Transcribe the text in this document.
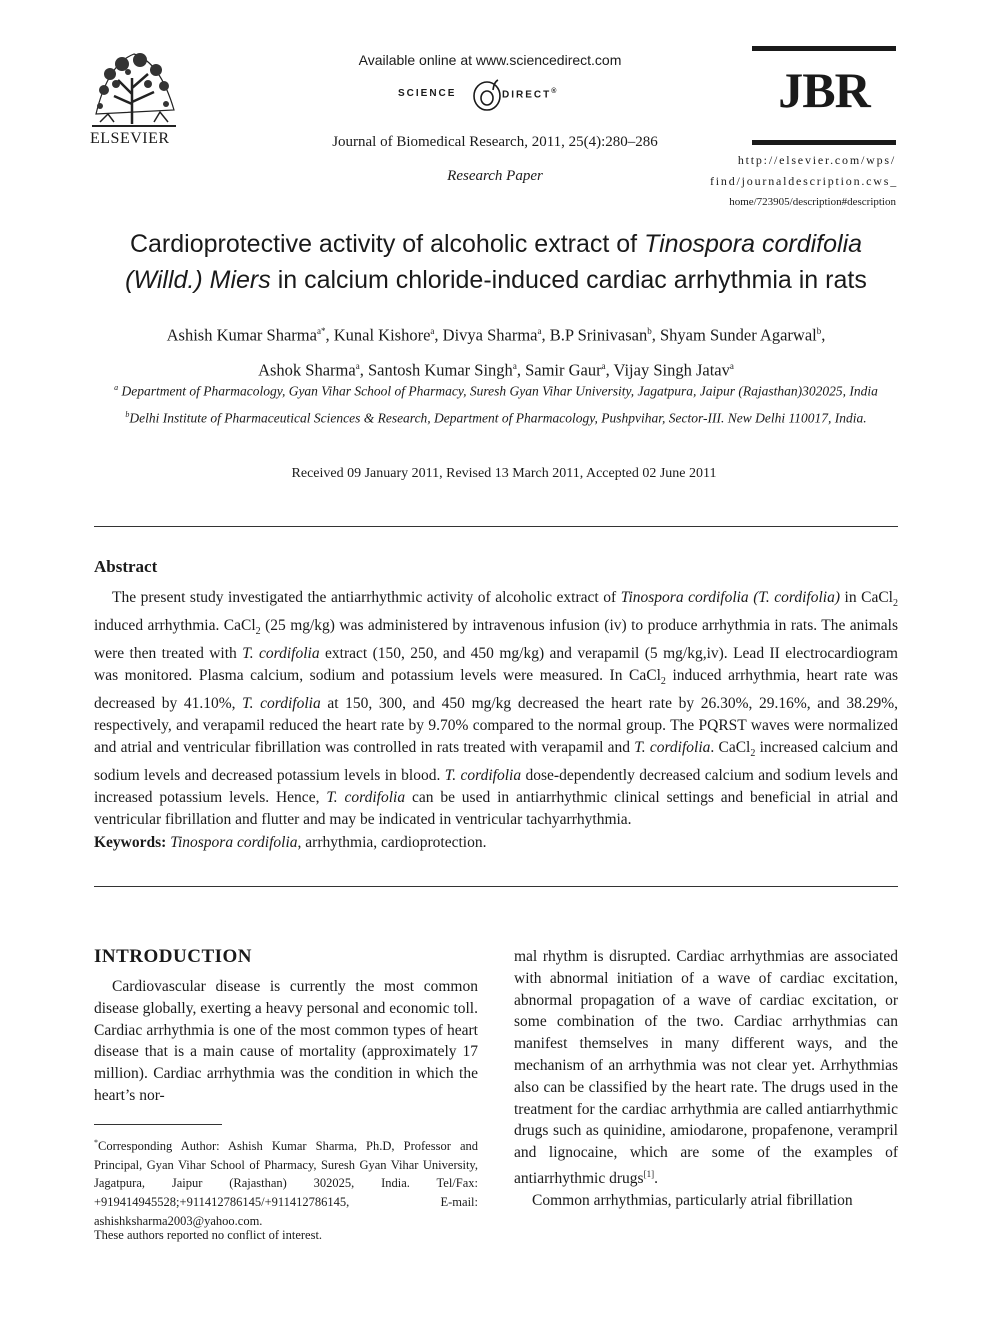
ELSEVIER
Available online at www.sciencedirect.com
SCIENCE	DIRECT®
Journal of Biomedical Research, 2011, 25(4):280–286
Research Paper
JBR
http://elsevier.com/wps/
find/journaldescription.cws_
home/723905/description#description
Cardioprotective activity of alcoholic extract of Tinospora cordifolia
(Willd.) Miers in calcium chloride-induced cardiac arrhythmia in rats
Ashish Kumar Sharma$^{a*}$, Kunal Kishore$^a$, Divya Sharma$^a$, B.P Srinivasan$^b$, Shyam Sunder Agarwal$^b$,
Ashok Sharma$^a$, Santosh Kumar Singh$^a$, Samir Gaur$^a$, Vijay Singh Jatav$^a$
$^a$ Department of Pharmacology, Gyan Vihar School of Pharmacy, Suresh Gyan Vihar University, Jagatpura, Jaipur (Rajasthan)302025, India
$^b$Delhi Institute of Pharmaceutical Sciences & Research, Department of Pharmacology, Pushpvihar, Sector-III. New Delhi 110017, India.
Received 09 January 2011, Revised 13 March 2011, Accepted 02 June 2011
Abstract
The present study investigated the antiarrhythmic activity of alcoholic extract of Tinospora cordifolia (T. cordifolia) in CaCl$_2$ induced arrhythmia. CaCl$_2$ (25 mg/kg) was administered by intravenous infusion (iv) to produce arrhythmia in rats. The animals were then treated with T. cordifolia extract (150, 250, and 450 mg/kg) and verapamil (5 mg/kg,iv). Lead II electrocardiogram was monitored. Plasma calcium, sodium and potassium levels were measured. In CaCl$_2$ induced arrhythmia, heart rate was decreased by 41.10%, T. cordifolia at 150, 300, and 450 mg/kg decreased the heart rate by 26.30%, 29.16%, and 38.29%, respectively, and verapamil reduced the heart rate by 9.70% compared to the normal group. The PQRST waves were normalized and atrial and ventricular fibrillation was controlled in rats treated with verapamil and T. cordifolia. CaCl$_2$ increased calcium and sodium levels and decreased potassium levels in blood. T. cordifolia dose-dependently decreased calcium and sodium levels and increased potassium levels. Hence, T. cordifolia can be used in antiarrhythmic clinical settings and beneficial in atrial and ventricular fibrillation and flutter and may be indicated in ventricular tachyarrhythmia.
Keywords: Tinospora cordifolia, arrhythmia, cardioprotection.
INTRODUCTION
Cardiovascular disease is currently the most common disease globally, exerting a heavy personal and economic toll. Cardiac arrhythmia is one of the most common types of heart disease that is a main cause of mortality (approximately 17 million). Cardiac arrhythmia was the condition in which the heart’s nor-
*Corresponding Author: Ashish Kumar Sharma, Ph.D, Professor and Principal, Gyan Vihar School of Pharmacy, Suresh Gyan Vihar University, Jagatpura, Jaipur (Rajasthan) 302025, India. Tel/Fax: +919414945528;+911412786145/+911412786145, E-mail: ashishksharma2003@yahoo.com.
These authors reported no conflict of interest.

mal rhythm is disrupted. Cardiac arrhythmias are associated with abnormal initiation of a wave of cardiac excitation, abnormal propagation of a wave of cardiac excitation, or some combination of the two. Cardiac arrhythmias can manifest themselves in many different ways, and the mechanism of an arrhythmia was not clear yet. Arrhythmias also can be classified by the heart rate. The drugs used in the treatment for the cardiac arrhythmia are called antiarrhythmic drugs such as quinidine, amiodarone, propafenone, verampril and lignocaine, which are some of the examples of antiarrhythmic drugs[1].

Common arrhythmias, particularly atrial fibrillation
